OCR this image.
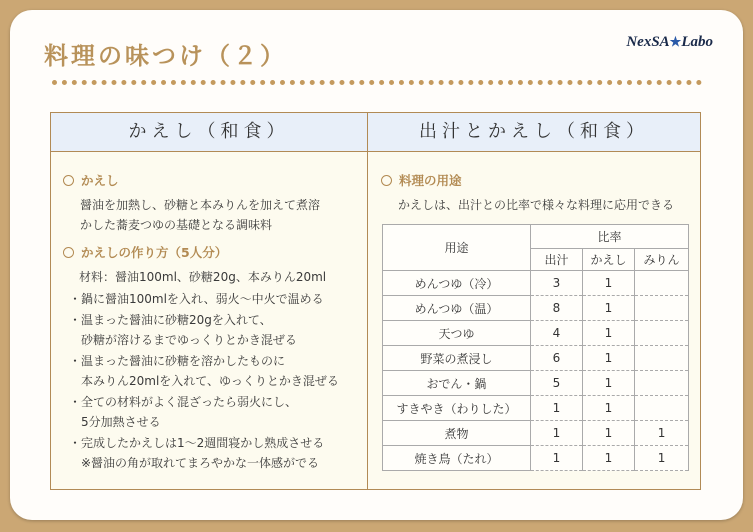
料理の味つけ（２）	NexSA★Labo
かえし（和食）	出汁とかえし（和食）
かえし
醤油を加熱し、砂糖と本みりんを加えて煮溶
かした蕎麦つゆの基礎となる調味料
かえしの作り方（5人分）
材料：醤油100ml、砂糖20g、本みりん20ml
・鍋に醤油100mlを入れ、弱火～中火で温める
・温まった醤油に砂糖20gを入れて、
　砂糖が溶けるまでゆっくりとかき混ぜる
・温まった醤油に砂糖を溶かしたものに
　本みりん20mlを入れて、ゆっくりとかき混ぜる
・全ての材料がよく混ざったら弱火にし、
　5分加熱させる
・完成したかえしは1～2週間寝かし熟成させる
　※醤油の角が取れてまろやかな一体感がでる
料理の用途
かえしは、出汁との比率で様々な料理に応用できる
用途	比率		
	出汁	かえし	みりん
めんつゆ（冷）	3	1	
めんつゆ（温）	8	1	
天つゆ	4	1	
野菜の煮浸し	6	1	
おでん・鍋	5	1	
すきやき（わりした）	1	1	
煮物	1	1	1
焼き鳥（たれ）	1	1	1
